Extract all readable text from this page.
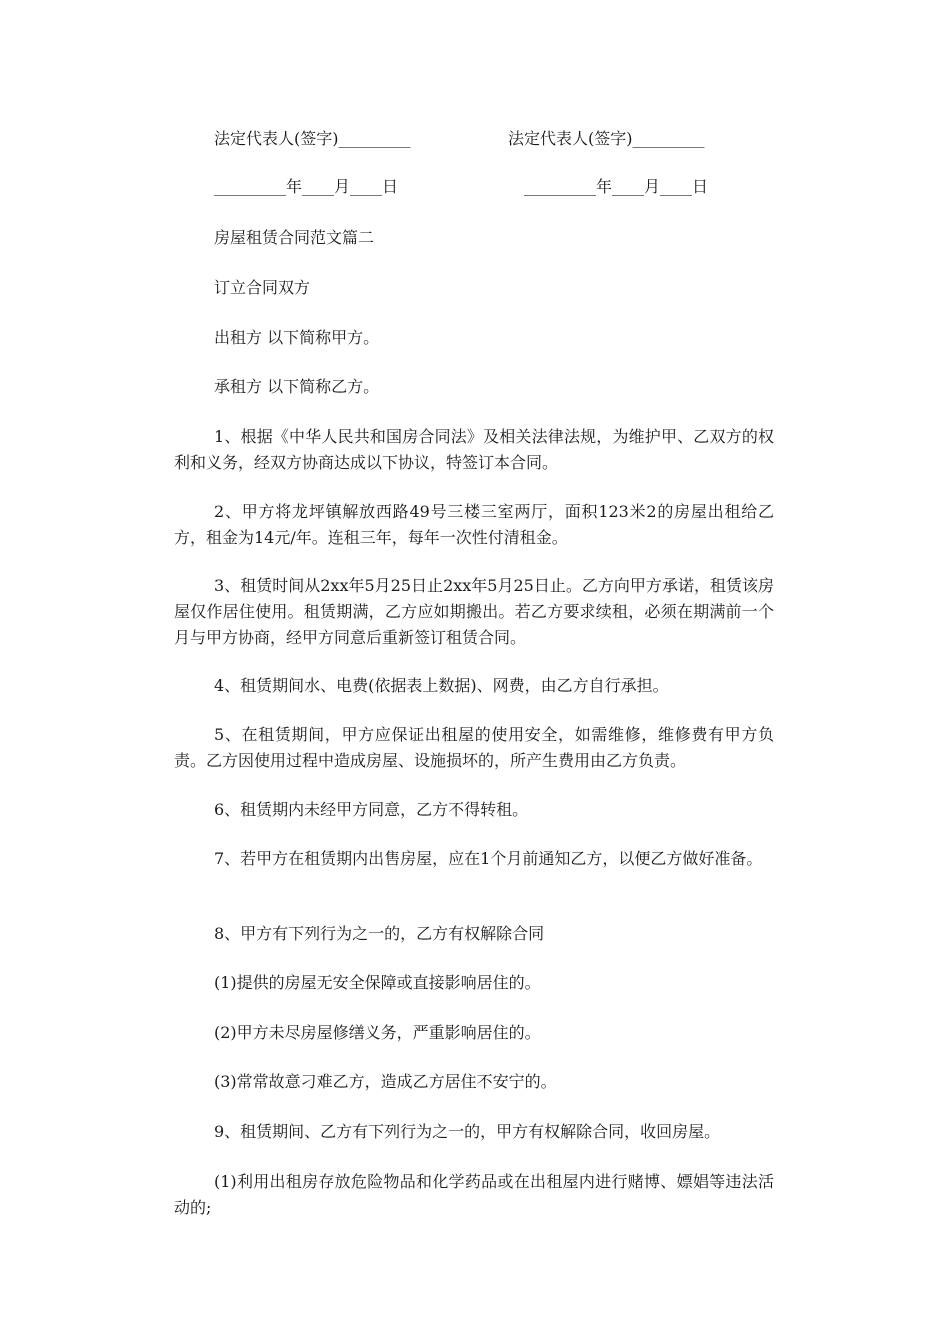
法定代表人(签字)_________	法定代表人(签字)_________
_________年____月____日	_________年____月____日
房屋租赁合同范文篇二
订立合同双方
出租方 以下简称甲方。
承租方 以下简称乙方。
1、根据《中华人民共和国房合同法》及相关法律法规，为维护甲、乙双方的权利和义务，经双方协商达成以下协议，特签订本合同。
2、甲方将龙坪镇解放西路49号三楼三室两厅，面积123米2的房屋出租给乙方，租金为14元/年。连租三年，每年一次性付清租金。
3、租赁时间从2xx年5月25日止2xx年5月25日止。乙方向甲方承诺，租赁该房屋仅作居住使用。租赁期满，乙方应如期搬出。若乙方要求续租，必须在期满前一个月与甲方协商，经甲方同意后重新签订租赁合同。
4、租赁期间水、电费(依据表上数据)、网费，由乙方自行承担。
5、在租赁期间，甲方应保证出租屋的使用安全，如需维修，维修费有甲方负责。乙方因使用过程中造成房屋、设施损坏的，所产生费用由乙方负责。
6、租赁期内未经甲方同意，乙方不得转租。
7、若甲方在租赁期内出售房屋，应在1个月前通知乙方，以便乙方做好准备。
8、甲方有下列行为之一的，乙方有权解除合同
(1)提供的房屋无安全保障或直接影响居住的。
(2)甲方未尽房屋修缮义务，严重影响居住的。
(3)常常故意刁难乙方，造成乙方居住不安宁的。
9、租赁期间、乙方有下列行为之一的，甲方有权解除合同，收回房屋。
(1)利用出租房存放危险物品和化学药品或在出租屋内进行赌博、嫖娼等违法活动的;
